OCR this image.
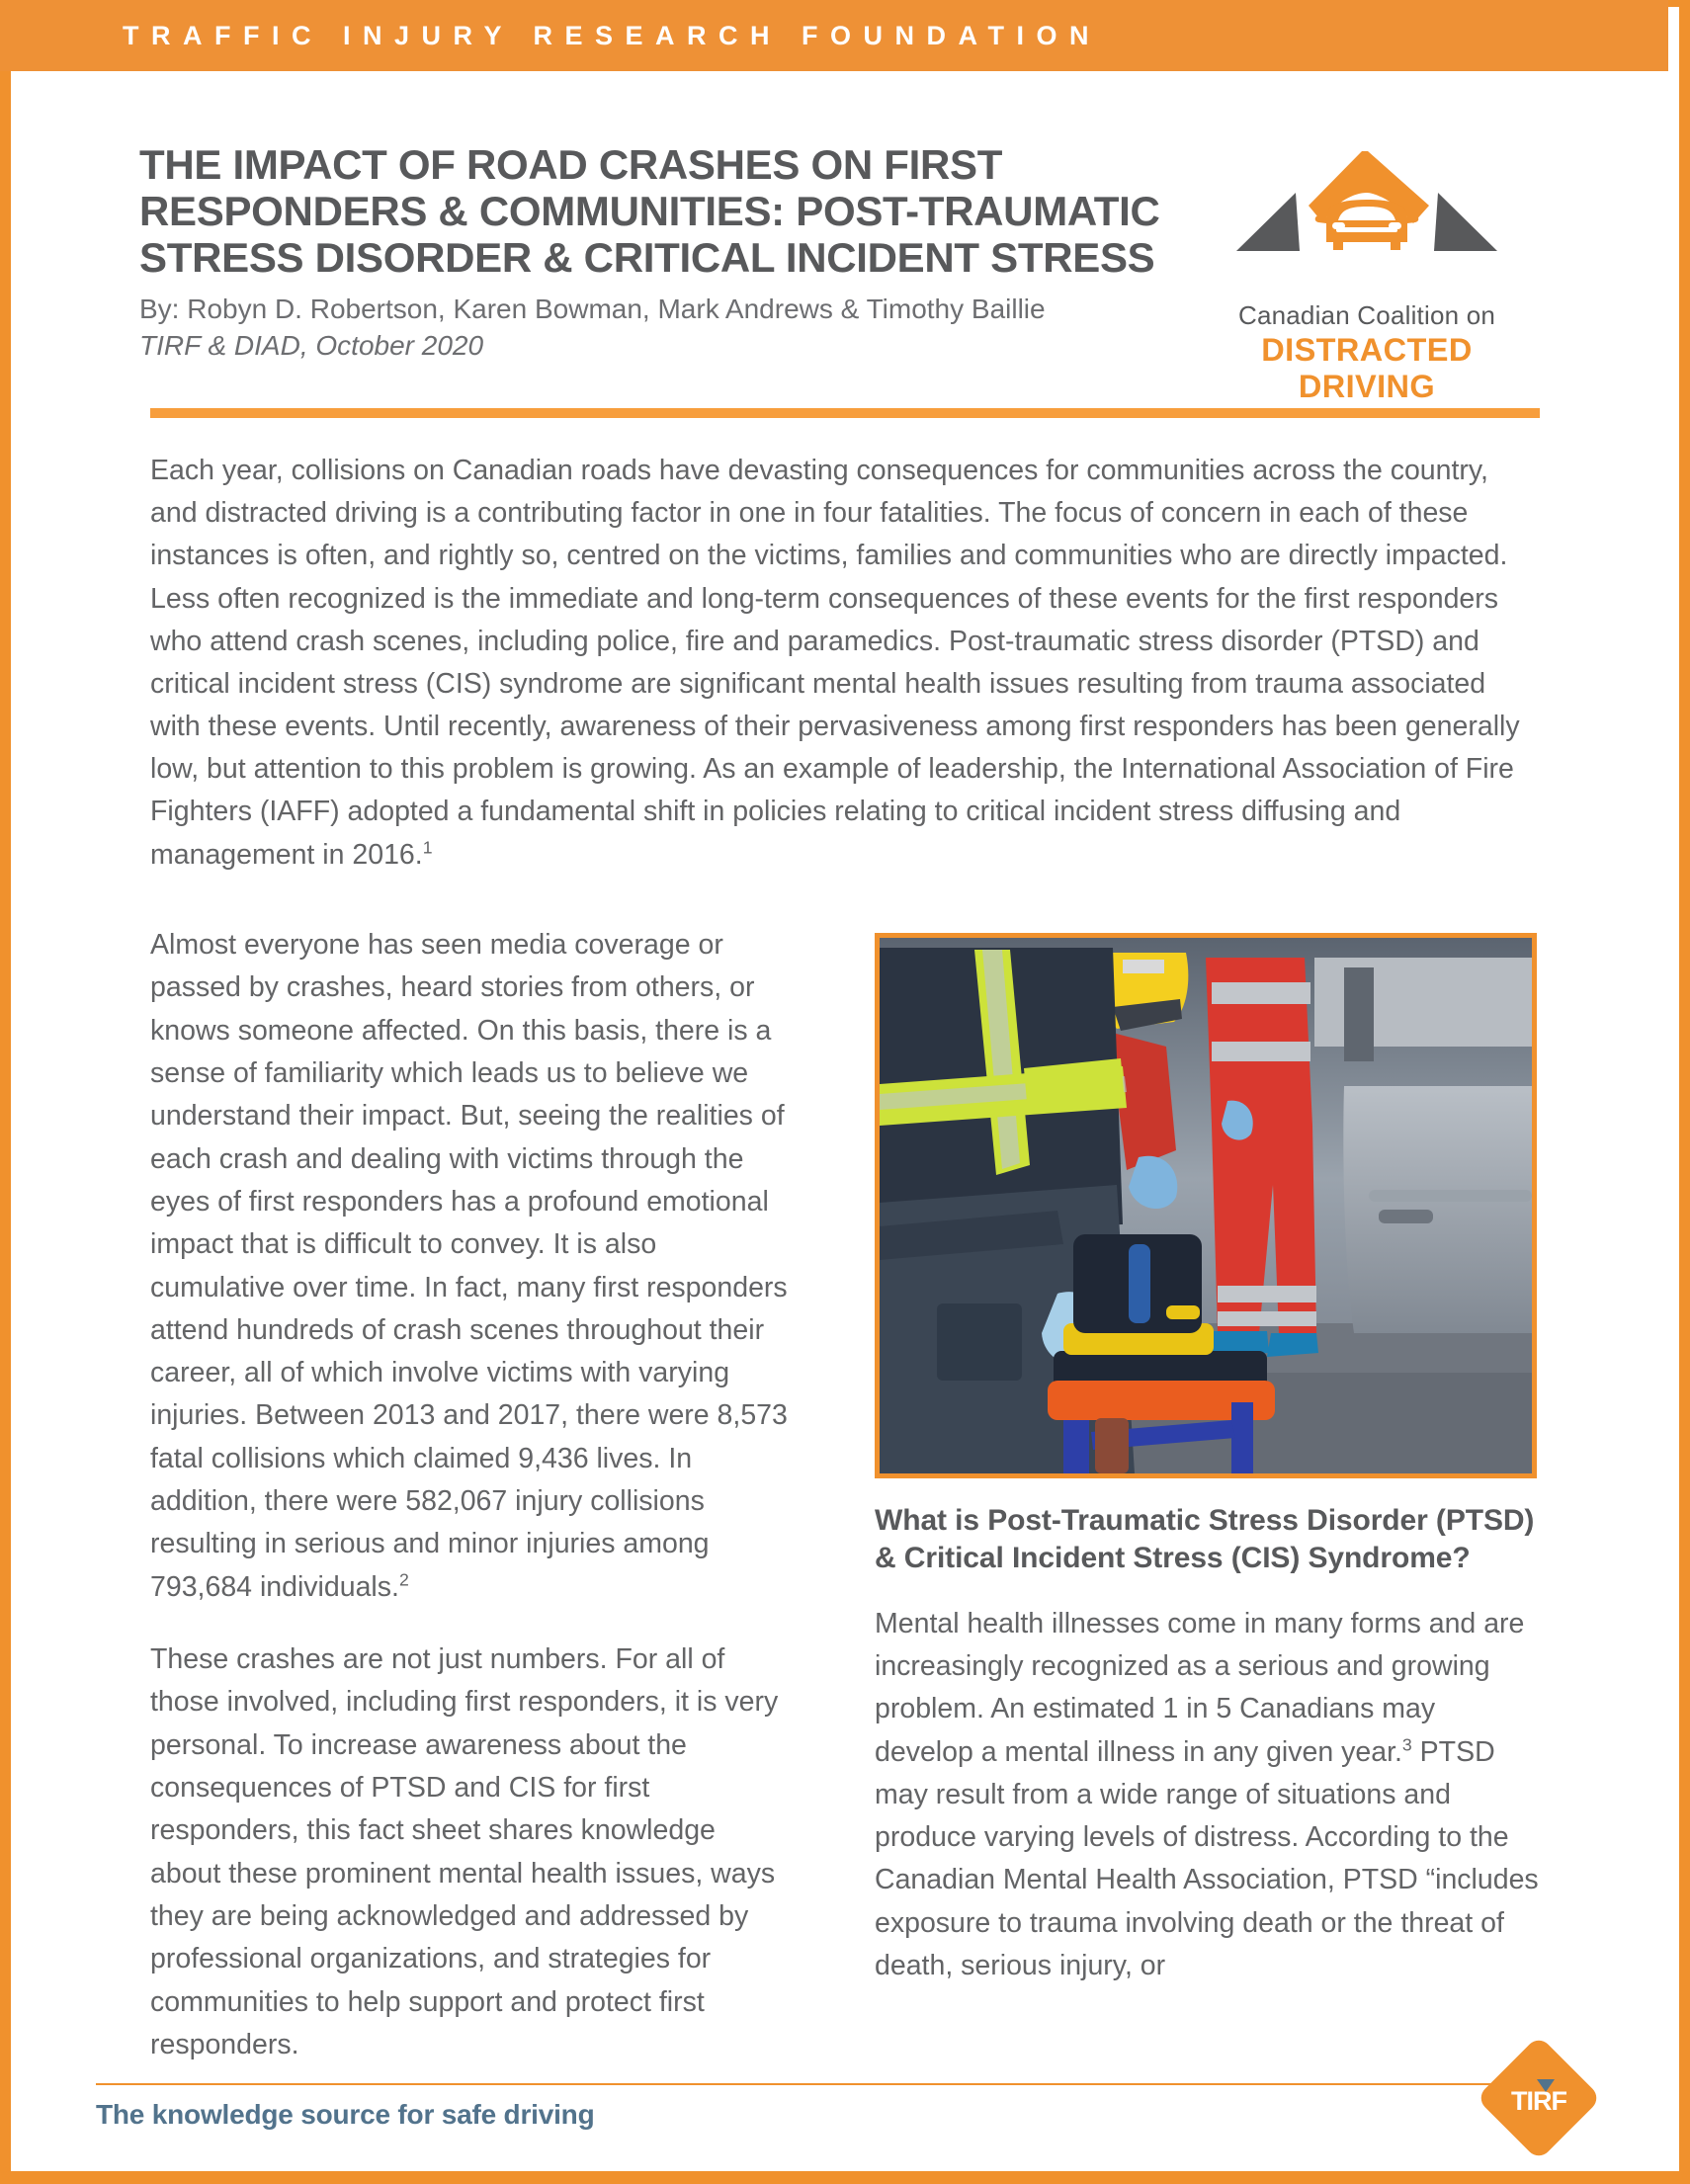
TRAFFIC INJURY RESEARCH FOUNDATION
THE IMPACT OF ROAD CRASHES ON FIRST RESPONDERS & COMMUNITIES: POST-TRAUMATIC STRESS DISORDER & CRITICAL INCIDENT STRESS
By: Robyn D. Robertson, Karen Bowman, Mark Andrews & Timothy Baillie
TIRF & DIAD, October 2020
Canadian Coalition on
DISTRACTED DRIVING
Each year, collisions on Canadian roads have devasting consequences for communities across the country, and distracted driving is a contributing factor in one in four fatalities. The focus of concern in each of these instances is often, and rightly so, centred on the victims, families and communities who are directly impacted. Less often recognized is the immediate and long-term consequences of these events for the first responders who attend crash scenes, including police, fire and paramedics. Post-traumatic stress disorder (PTSD) and critical incident stress (CIS) syndrome are significant mental health issues resulting from trauma associated with these events. Until recently, awareness of their pervasiveness among first responders has been generally low, but attention to this problem is growing. As an example of leadership, the International Association of Fire Fighters (IAFF) adopted a fundamental shift in policies relating to critical incident stress diffusing and management in 2016.$^1$

Almost everyone has seen media coverage or passed by crashes, heard stories from others, or knows someone affected. On this basis, there is a sense of familiarity which leads us to believe we understand their impact. But, seeing the realities of each crash and dealing with victims through the eyes of first responders has a profound emotional impact that is difficult to convey. It is also cumulative over time. In fact, many first responders attend hundreds of crash scenes throughout their career, all of which involve victims with varying injuries. Between 2013 and 2017, there were 8,573 fatal collisions which claimed 9,436 lives. In addition, there were 582,067 injury collisions resulting in serious and minor injuries among 793,684 individuals.$^2$

These crashes are not just numbers. For all of those involved, including first responders, it is very personal. To increase awareness about the consequences of PTSD and CIS for first responders, this fact sheet shares knowledge about these prominent mental health issues, ways they are being acknowledged and addressed by professional organizations, and strategies for communities to help support and protect first responders.

What is Post-Traumatic Stress Disorder (PTSD) & Critical Incident Stress (CIS) Syndrome?

Mental health illnesses come in many forms and are increasingly recognized as a serious and growing problem. An estimated 1 in 5 Canadians may develop a mental illness in any given year.$^3$ PTSD may result from a wide range of situations and produce varying levels of distress. According to the Canadian Mental Health Association, PTSD “includes exposure to trauma involving death or the threat of death, serious injury, or

The knowledge source for safe driving	TIRF
